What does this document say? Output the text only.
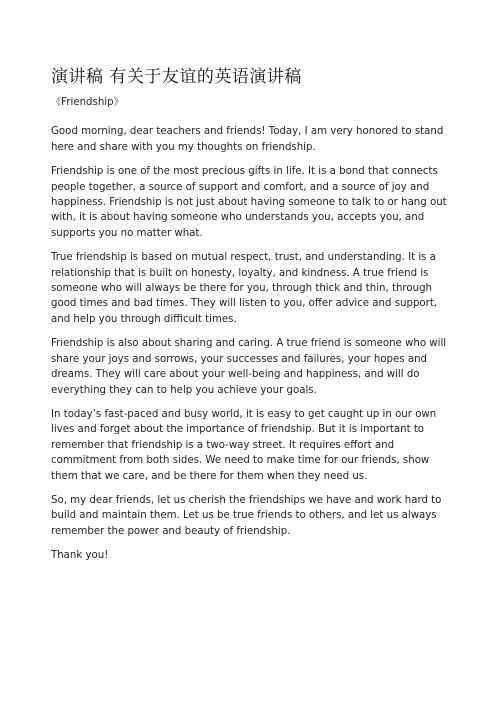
演讲稿 有关于友谊的英语演讲稿

《Friendship》

Good morning, dear teachers and friends! Today, I am very honored to stand here and share with you my thoughts on friendship.

Friendship is one of the most precious gifts in life. It is a bond that connects people together, a source of support and comfort, and a source of joy and happiness. Friendship is not just about having someone to talk to or hang out with, it is about having someone who understands you, accepts you, and supports you no matter what.

True friendship is based on mutual respect, trust, and understanding. It is a relationship that is built on honesty, loyalty, and kindness. A true friend is someone who will always be there for you, through thick and thin, through good times and bad times. They will listen to you, offer advice and support, and help you through difficult times.

Friendship is also about sharing and caring. A true friend is someone who will share your joys and sorrows, your successes and failures, your hopes and dreams. They will care about your well-being and happiness, and will do everything they can to help you achieve your goals.

In today’s fast-paced and busy world, it is easy to get caught up in our own lives and forget about the importance of friendship. But it is important to remember that friendship is a two-way street. It requires effort and commitment from both sides. We need to make time for our friends, show them that we care, and be there for them when they need us.

So, my dear friends, let us cherish the friendships we have and work hard to build and maintain them. Let us be true friends to others, and let us always remember the power and beauty of friendship.

Thank you!
